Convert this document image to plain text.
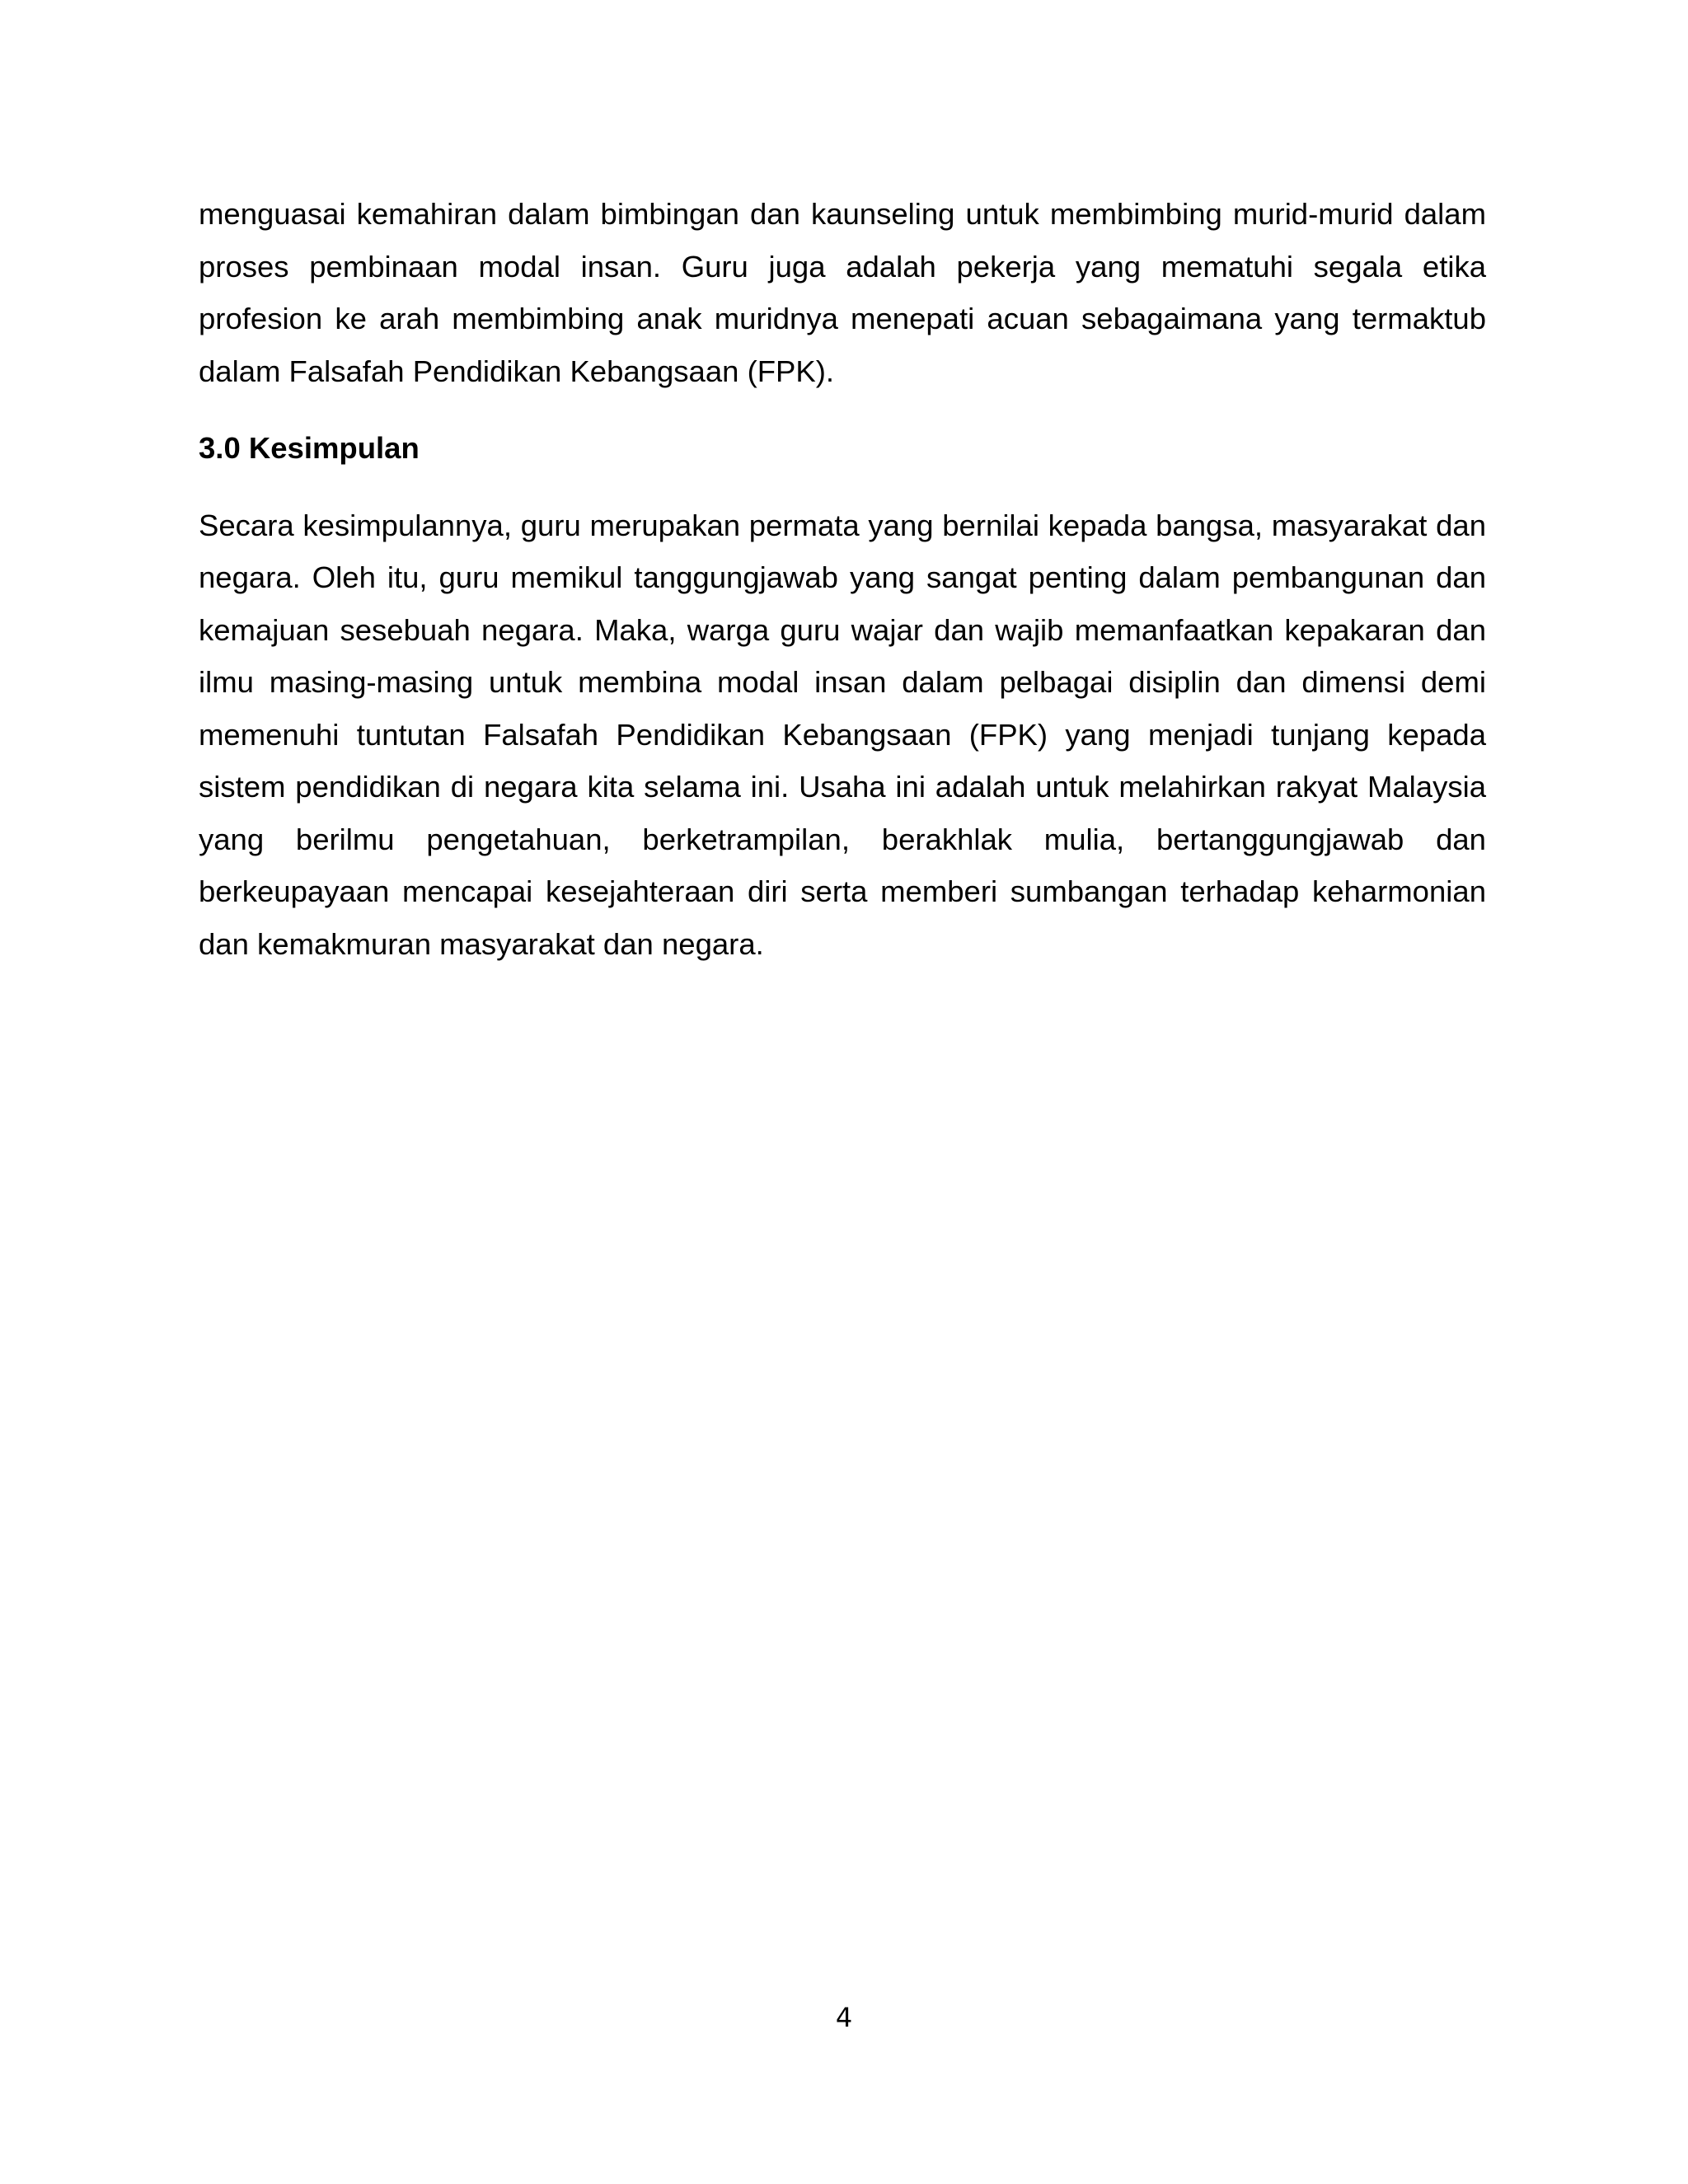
menguasai kemahiran dalam bimbingan dan kaunseling untuk membimbing murid-murid dalam proses pembinaan modal insan. Guru juga adalah pekerja yang mematuhi segala etika profesion ke arah membimbing anak muridnya menepati acuan sebagaimana yang termaktub dalam Falsafah Pendidikan Kebangsaan (FPK).

3.0 Kesimpulan

Secara kesimpulannya, guru merupakan permata yang bernilai kepada bangsa, masyarakat dan negara. Oleh itu, guru memikul tanggungjawab yang sangat penting dalam pembangunan dan kemajuan sesebuah negara. Maka, warga guru wajar dan wajib memanfaatkan kepakaran dan ilmu masing-masing untuk membina modal insan dalam pelbagai disiplin dan dimensi demi memenuhi tuntutan Falsafah Pendidikan Kebangsaan (FPK) yang menjadi tunjang kepada sistem pendidikan di negara kita selama ini. Usaha ini adalah untuk melahirkan rakyat Malaysia yang berilmu pengetahuan, berketrampilan, berakhlak mulia, bertanggungjawab dan berkeupayaan mencapai kesejahteraan diri serta memberi sumbangan terhadap keharmonian dan kemakmuran masyarakat dan negara.

4
